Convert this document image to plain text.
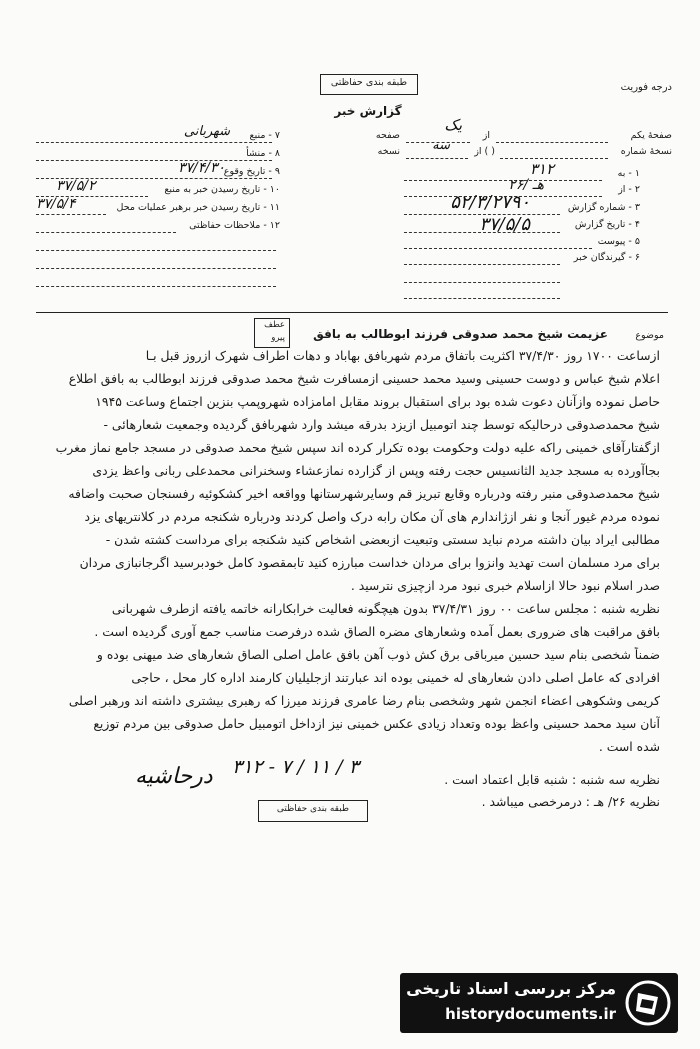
درجه فوریت
طبقه بندی حفاظتی
گزارش خبر
صفحهٔ یکم
از
صفحه
یک
نسخهٔ شماره
( ) از
نسخه سه
۱ - به
۳۱۲
۲ - از
۲۶/ هـ
۳ - شماره گزارش
۵۲/۳/۲۷۹۰
۴ - تاریخ گزارش
۳۷/۵/۵
۵ - پیوست
۶ - گیرندگان خبر
۷ - منبع
شهربانی
۸ - منشأ
۹ - تاریخ وقوع
۳۷/۴/۳۰
۱۰ - تاریخ رسیدن خبر به منبع
۳۷/۵/۲
۱۱ - تاریخ رسیدن خبر برهبر عملیات محل
۳۷/۵/۴
۱۲ - ملاحظات حفاظتی
عطف
پیرو	موضوع
عزیمت شیخ محمد صدوقی فرزند ابوطالب به بافق
ازساعت ۱۷۰۰ روز ۳۷/۴/۳۰ اکثریت باتفاق مردم شهربافق بهاباد و دهات اطراف شهرک ازروز قبل بـا
اعلام شیخ عباس و دوست حسینی وسید محمد حسینی ازمسافرت شیخ محمد صدوقی فرزند ابوطالب به بافق اطلاع
حاصل نموده وازآنان دعوت شده بود برای استقبال بروند مقابل امامزاده شهروپمپ بنزین اجتماع وساعت ۱۹۴۵
شیخ محمدصدوقی درحالیکه توسط چند اتومبیل ازیزد بدرقه میشد وارد شهربافق گردیده وجمعیت شعارهائی -
ازگفتارآقای خمینی راکه علیه دولت وحکومت بوده تکرار کرده اند سپس شیخ محمد صدوقی در مسجد جامع نماز مغرب
بجاآورده به مسجد جدید الثانسیس حجت رفته وپس از گزارده نمازعشاء وسخنرانی محمدعلی ربانی واعظ یزدی
شیخ محمدصدوقی منبر رفته ودرباره وقایع تبریز قم وسایرشهرستانها وواقعه اخیر کشکوئیه رفسنجان صحبت واضافه
نموده مردم غیور آنجا و نفر ازژاندارم های آن مکان رابه درک واصل کردند ودرباره شکنجه مردم در کلانتریهای یزد
مطالبی ایراد بیان داشته مردم نباید سستی وتبعیت ازبعضی اشخاص کنید شکنجه برای مرداست کشته شدن -
برای مرد مسلمان است تهدید وانزوا برای مردان خداست مبارزه کنید تابمقصود کامل خودبرسید اگرجانبازی مردان
صدر اسلام نبود حالا ازاسلام خبری نبود مرد ازچیزی نترسید .
نظریه شنبه : مجلس ساعت ۰۰ روز ۳۷/۴/۳۱ بدون هیچگونه فعالیت خرابکارانه خاتمه یافته ازطرف شهربانی
بافق مراقبت های ضروری بعمل آمده وشعارهای مضره الصاق شده درفرصت مناسب جمع آوری گردیده است .
ضمناً شخصی بنام سید حسین میرباقی برق کش ذوب آهن بافق عامل اصلی الصاق شعارهای ضد میهنی بوده و
افرادی که عامل اصلی دادن شعارهای له خمینی بوده اند عبارتند ازجلیلیان کارمند اداره کار محل ، حاجی
کریمی وشکوهی اعضاء انجمن شهر وشخصی بنام رضا عامری فرزند میرزا که رهبری بیشتری داشته اند ورهبر اصلی
آنان سید محمد حسینی واعظ بوده وتعداد زیادی عکس خمینی نیز ازداخل اتومبیل حامل صدوقی بین مردم توزیع
شده است .
نظریه سه شنبه : شنبه قابل اعتماد است .
نظریه ۲۶/ هـ : درمرخصی میباشد .
۳۱۲ - ۷ / ۱۱ / ۳
درحاشیه
طبقه بندی حفاظتی
مرکز بررسی اسناد تاریخی
historydocuments.ir
